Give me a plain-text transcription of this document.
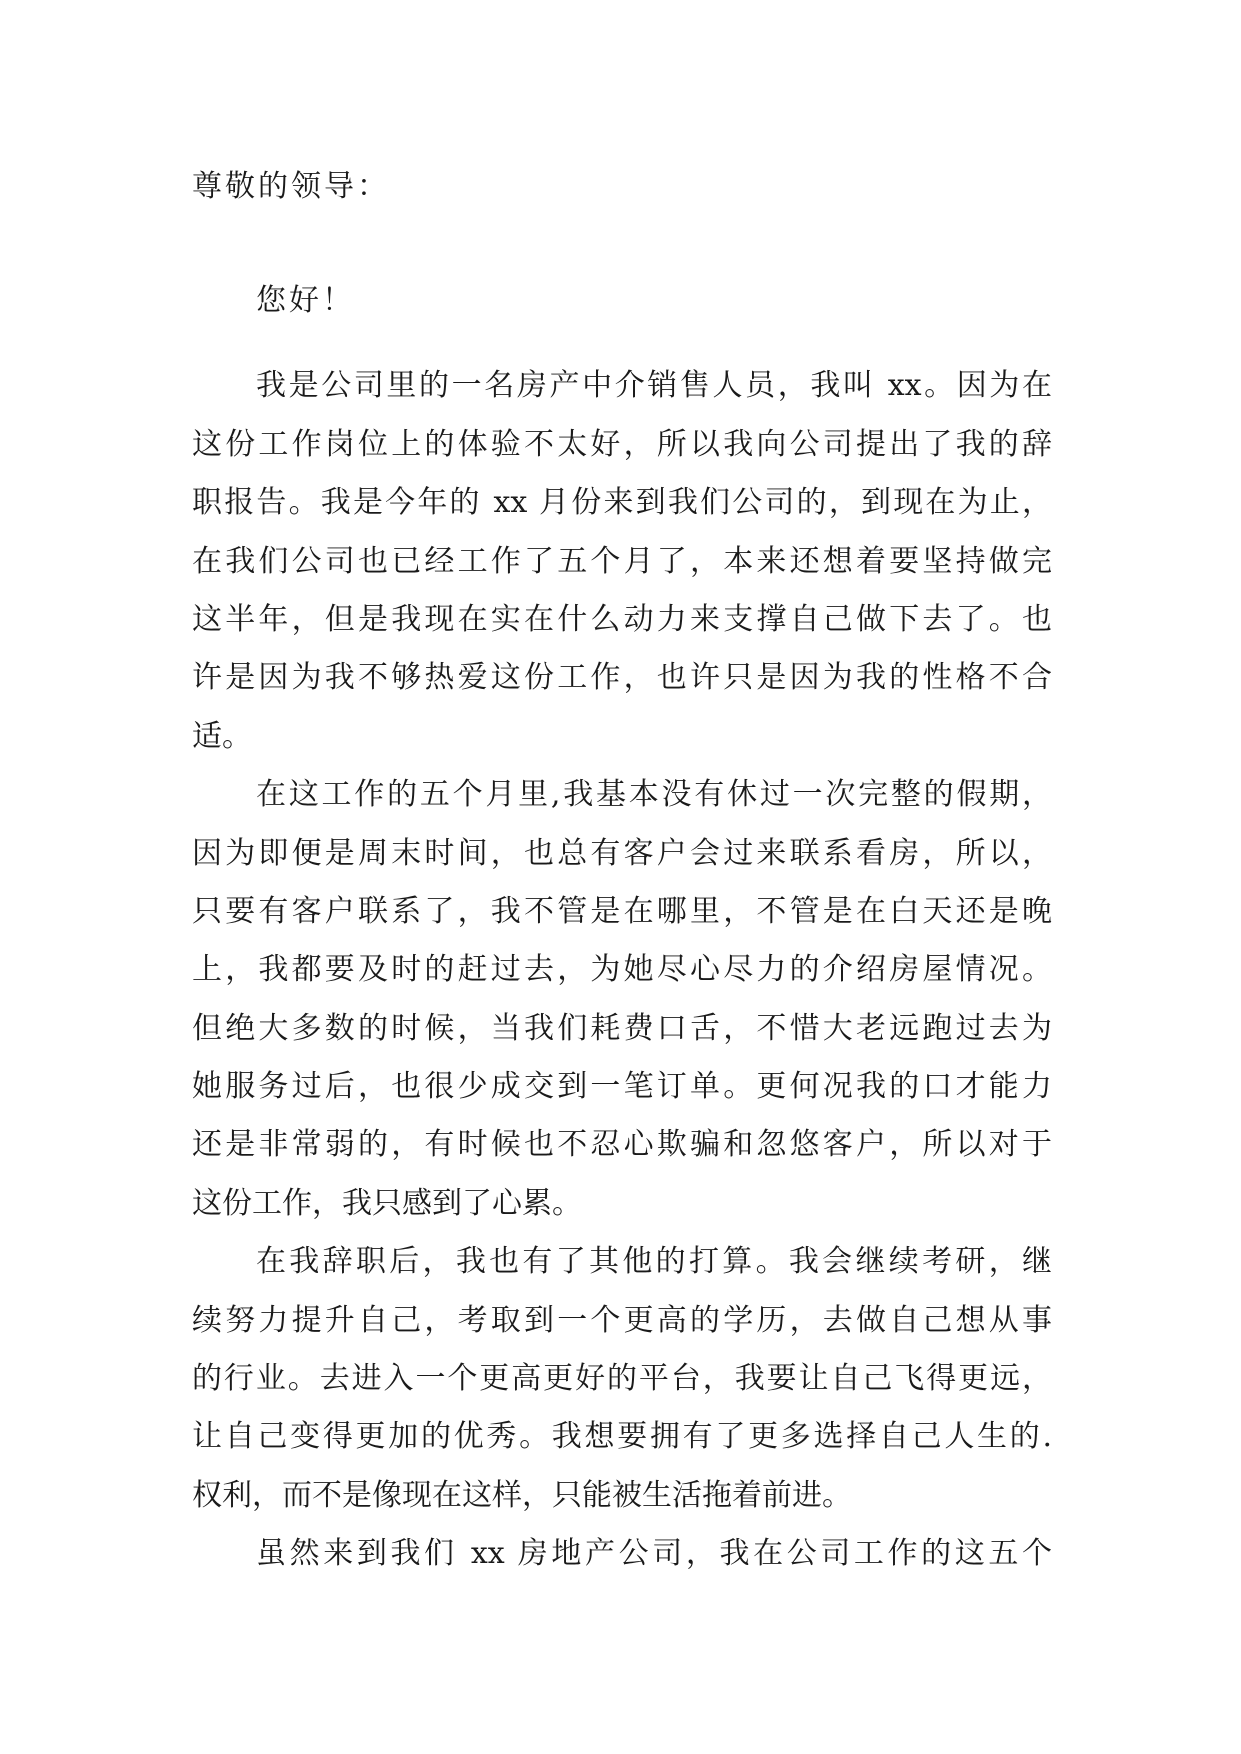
尊敬的领导：
您好！
我是公司里的一名房产中介销售人员，我叫 xx。因为在
这份工作岗位上的体验不太好，所以我向公司提出了我的辞
职报告。我是今年的 xx 月份来到我们公司的，到现在为止，
在我们公司也已经工作了五个月了，本来还想着要坚持做完
这半年，但是我现在实在什么动力来支撑自己做下去了。也
许是因为我不够热爱这份工作，也许只是因为我的性格不合
适。
在这工作的五个月里,我基本没有休过一次完整的假期，
因为即便是周末时间，也总有客户会过来联系看房，所以，
只要有客户联系了，我不管是在哪里，不管是在白天还是晚
上，我都要及时的赶过去，为她尽心尽力的介绍房屋情况。
但绝大多数的时候，当我们耗费口舌，不惜大老远跑过去为
她服务过后，也很少成交到一笔订单。更何况我的口才能力
还是非常弱的，有时候也不忍心欺骗和忽悠客户，所以对于
这份工作，我只感到了心累。
在我辞职后，我也有了其他的打算。我会继续考研，继
续努力提升自己，考取到一个更高的学历，去做自己想从事
的行业。去进入一个更高更好的平台，我要让自己飞得更远，
让自己变得更加的优秀。我想要拥有了更多选择自己人生的.
权利，而不是像现在这样，只能被生活拖着前进。
虽然来到我们 xx 房地产公司，我在公司工作的这五个
